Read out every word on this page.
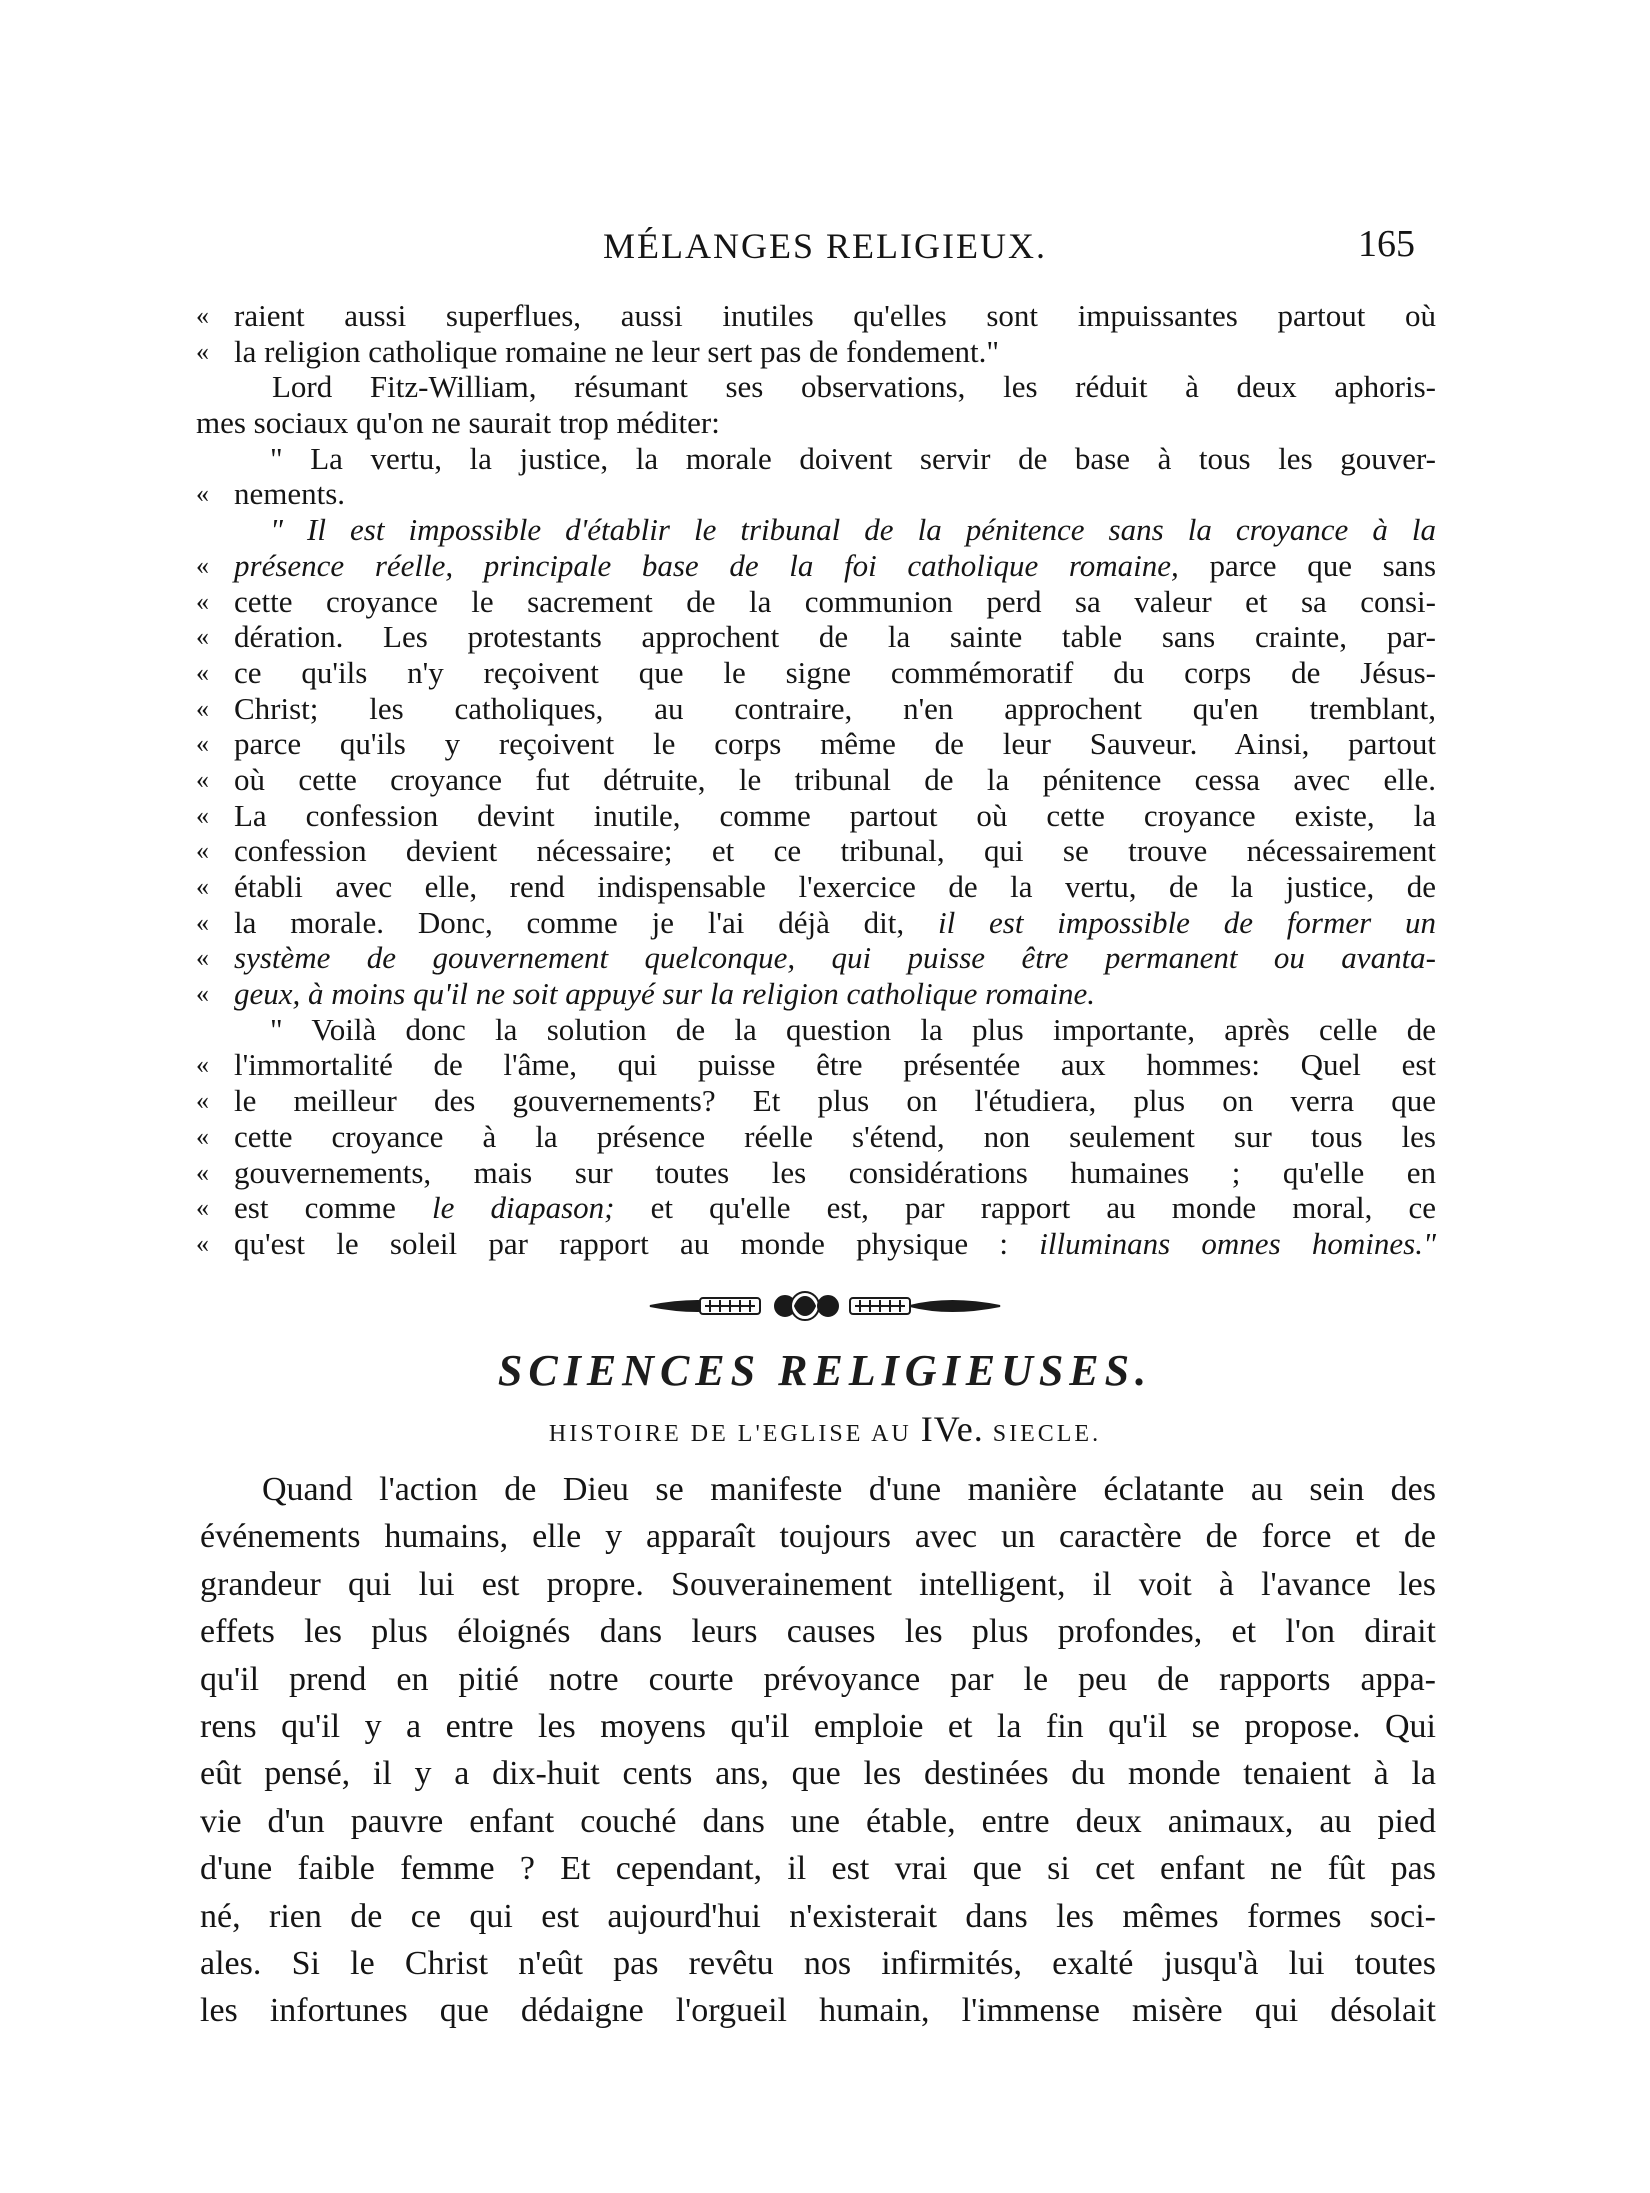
MÉLANGES RELIGIEUX.	165
« raient aussi superflues, aussi inutiles qu'elles sont impuissantes partout où
« la religion catholique romaine ne leur sert pas de fondement."
Lord Fitz-William, résumant ses observations, les réduit à deux aphoris-
mes sociaux qu'on ne saurait trop méditer:
" La vertu, la justice, la morale doivent servir de base à tous les gouver-
« nements.
" Il est impossible d'établir le tribunal de la pénitence sans la croyance à la
« présence réelle, principale base de la foi catholique romaine, parce que sans
« cette croyance le sacrement de la communion perd sa valeur et sa consi-
« dération. Les protestants approchent de la sainte table sans crainte, par-
« ce qu'ils n'y reçoivent que le signe commémoratif du corps de Jésus-
« Christ; les catholiques, au contraire, n'en approchent qu'en tremblant,
« parce qu'ils y reçoivent le corps même de leur Sauveur. Ainsi, partout
« où cette croyance fut détruite, le tribunal de la pénitence cessa avec elle.
« La confession devint inutile, comme partout où cette croyance existe, la
« confession devient nécessaire; et ce tribunal, qui se trouve nécessairement
« établi avec elle, rend indispensable l'exercice de la vertu, de la justice, de
« la morale. Donc, comme je l'ai déjà dit, il est impossible de former un
« système de gouvernement quelconque, qui puisse être permanent ou avanta-
« geux, à moins qu'il ne soit appuyé sur la religion catholique romaine.
" Voilà donc la solution de la question la plus importante, après celle de
« l'immortalité de l'âme, qui puisse être présentée aux hommes: Quel est
« le meilleur des gouvernements? Et plus on l'étudiera, plus on verra que
« cette croyance à la présence réelle s'étend, non seulement sur tous les
« gouvernements, mais sur toutes les considérations humaines ; qu'elle en
« est comme le diapason; et qu'elle est, par rapport au monde moral, ce
« qu'est le soleil par rapport au monde physique : illuminans omnes homines."
SCIENCES RELIGIEUSES.
HISTOIRE DE L'EGLISE AU IVe. SIECLE.
Quand l'action de Dieu se manifeste d'une manière éclatante au sein des
événements humains, elle y apparaît toujours avec un caractère de force et de
grandeur qui lui est propre. Souverainement intelligent, il voit à l'avance les
effets les plus éloignés dans leurs causes les plus profondes, et l'on dirait
qu'il prend en pitié notre courte prévoyance par le peu de rapports appa-
rens qu'il y a entre les moyens qu'il emploie et la fin qu'il se propose. Qui
eût pensé, il y a dix-huit cents ans, que les destinées du monde tenaient à la
vie d'un pauvre enfant couché dans une étable, entre deux animaux, au pied
d'une faible femme ? Et cependant, il est vrai que si cet enfant ne fût pas
né, rien de ce qui est aujourd'hui n'existerait dans les mêmes formes soci-
ales. Si le Christ n'eût pas revêtu nos infirmités, exalté jusqu'à lui toutes
les infortunes que dédaigne l'orgueil humain, l'immense misère qui désolait
